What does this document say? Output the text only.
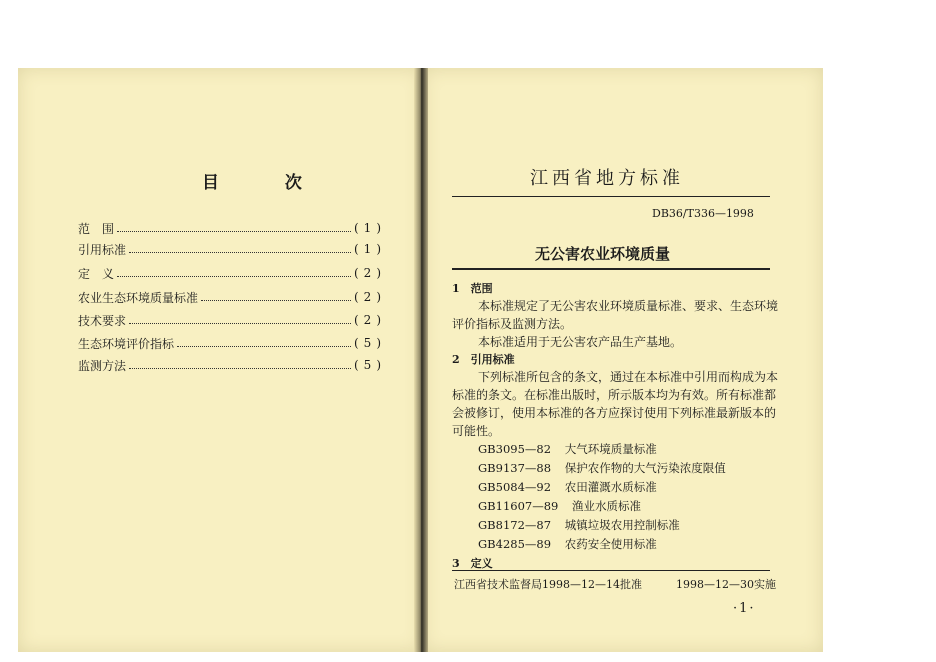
目 次
范　围	(1)
引用标准	(1)
定　义	(2)
农业生态环境质量标准	(2)
技术要求	(2)
生态环境评价指标	(5)
监测方法	(5)
江西省地方标准
DB36/T336—1998
无公害农业环境质量
1　范围
本标准规定了无公害农业环境质量标准、要求、生态环境
评价指标及监测方法。
本标准适用于无公害农产品生产基地。
2　引用标准
下列标准所包含的条文，通过在本标准中引用而构成为本
标准的条文。在标准出版时，所示版本均为有效。所有标准都
会被修订，使用本标准的各方应探讨使用下列标准最新版本的
可能性。
GB3095—82 大气环境质量标准
GB9137—88 保护农作物的大气污染浓度限值
GB5084—92 农田灌溉水质标准
GB11607—89 渔业水质标准
GB8172—87 城镇垃圾农用控制标准
GB4285—89 农药安全使用标准
3　定义
江西省技术监督局1998—12—14批准	1998—12—30实施
·1·
